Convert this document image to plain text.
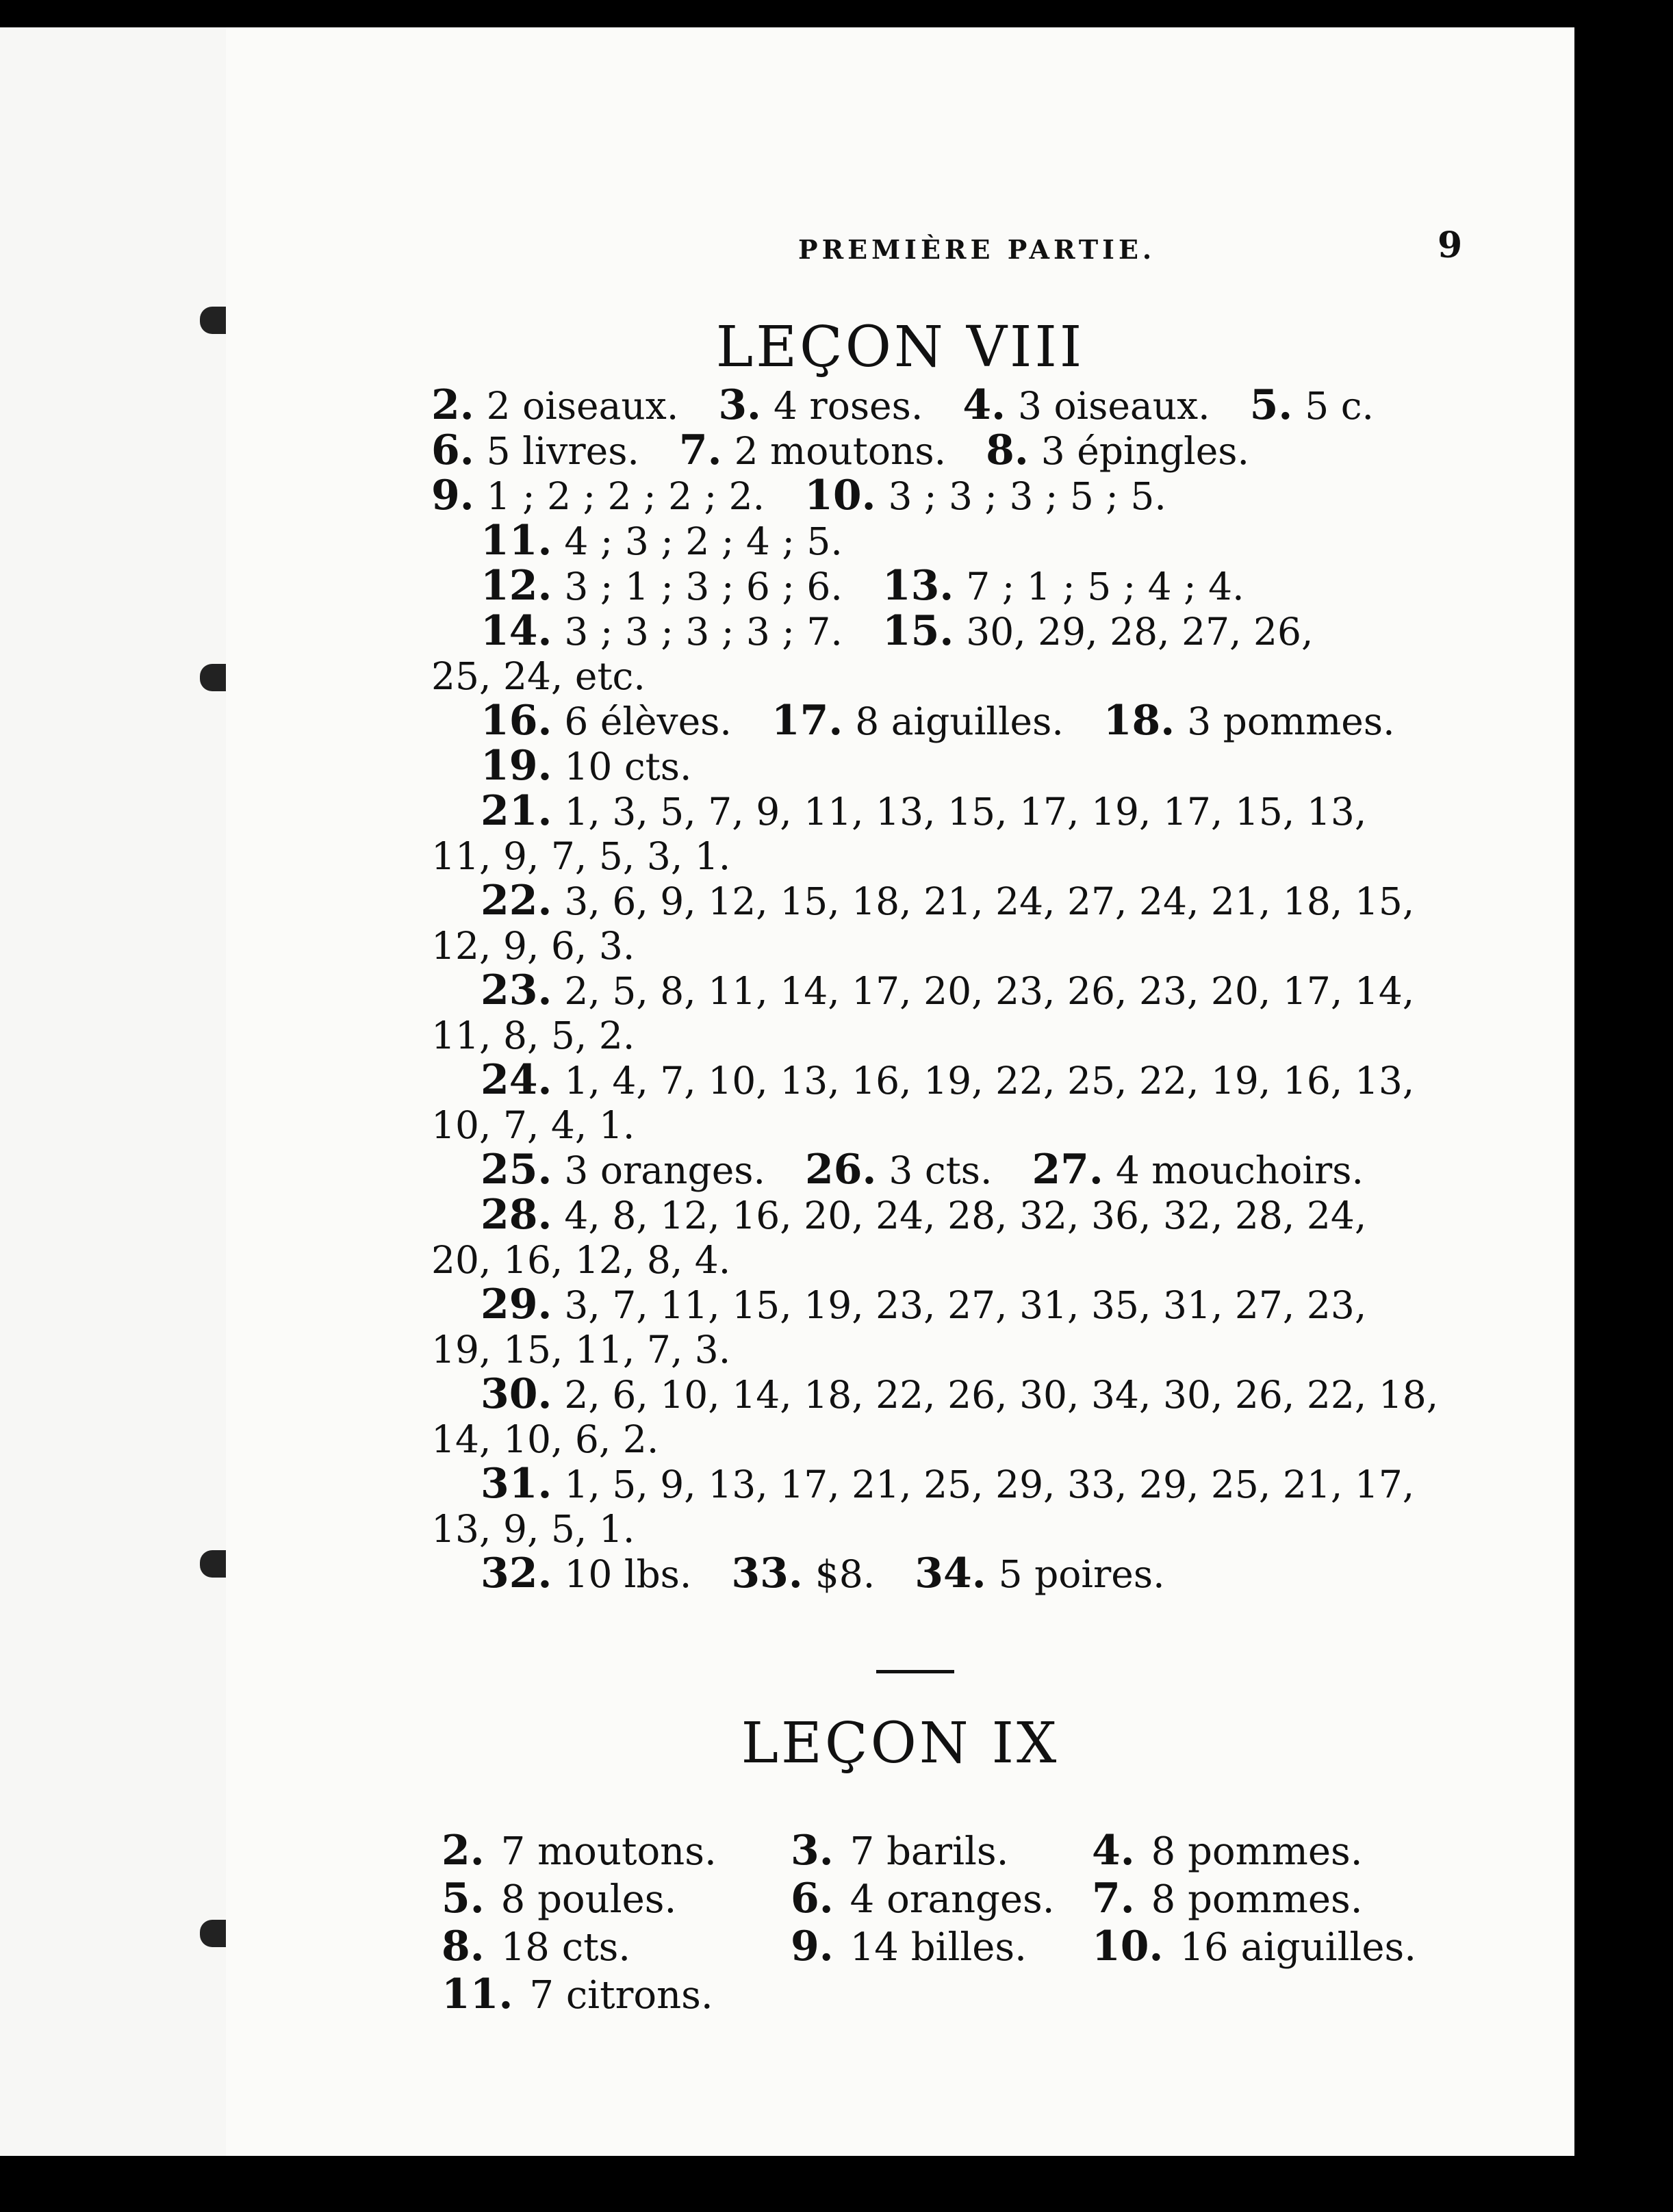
PREMIÈRE PARTIE.	9
LEÇON VIII

2. 2 oiseaux. 3. 4 roses. 4. 3 oiseaux. 5. 5 c.

6. 5 livres. 7. 2 moutons. 8. 3 épingles.

9. 1 ; 2 ; 2 ; 2 ; 2. 10. 3 ; 3 ; 3 ; 5 ; 5.

11. 4 ; 3 ; 2 ; 4 ; 5.

12. 3 ; 1 ; 3 ; 6 ; 6. 13. 7 ; 1 ; 5 ; 4 ; 4.

14. 3 ; 3 ; 3 ; 3 ; 7. 15. 30, 29, 28, 27, 26,

25, 24, etc.

16. 6 élèves. 17. 8 aiguilles. 18. 3 pommes.

19. 10 cts.

21. 1, 3, 5, 7, 9, 11, 13, 15, 17, 19, 17, 15, 13,

11, 9, 7, 5, 3, 1.

22. 3, 6, 9, 12, 15, 18, 21, 24, 27, 24, 21, 18, 15,

12, 9, 6, 3.

23. 2, 5, 8, 11, 14, 17, 20, 23, 26, 23, 20, 17, 14,

11, 8, 5, 2.

24. 1, 4, 7, 10, 13, 16, 19, 22, 25, 22, 19, 16, 13,

10, 7, 4, 1.

25. 3 oranges. 26. 3 cts. 27. 4 mouchoirs.

28. 4, 8, 12, 16, 20, 24, 28, 32, 36, 32, 28, 24,

20, 16, 12, 8, 4.

29. 3, 7, 11, 15, 19, 23, 27, 31, 35, 31, 27, 23,

19, 15, 11, 7, 3.

30. 2, 6, 10, 14, 18, 22, 26, 30, 34, 30, 26, 22, 18,

14, 10, 6, 2.

31. 1, 5, 9, 13, 17, 21, 25, 29, 33, 29, 25, 21, 17,

13, 9, 5, 1.

32. 10 lbs. 33. $8. 34. 5 poires.

LEÇON IX
2. 7 moutons.	3. 7 barils.	4. 8 pommes.
5. 8 poules.	6. 4 oranges. 7. 8 pommes.
8. 18 cts.	9. 14 billes.	10. 16 aiguilles.
11. 7 citrons.
